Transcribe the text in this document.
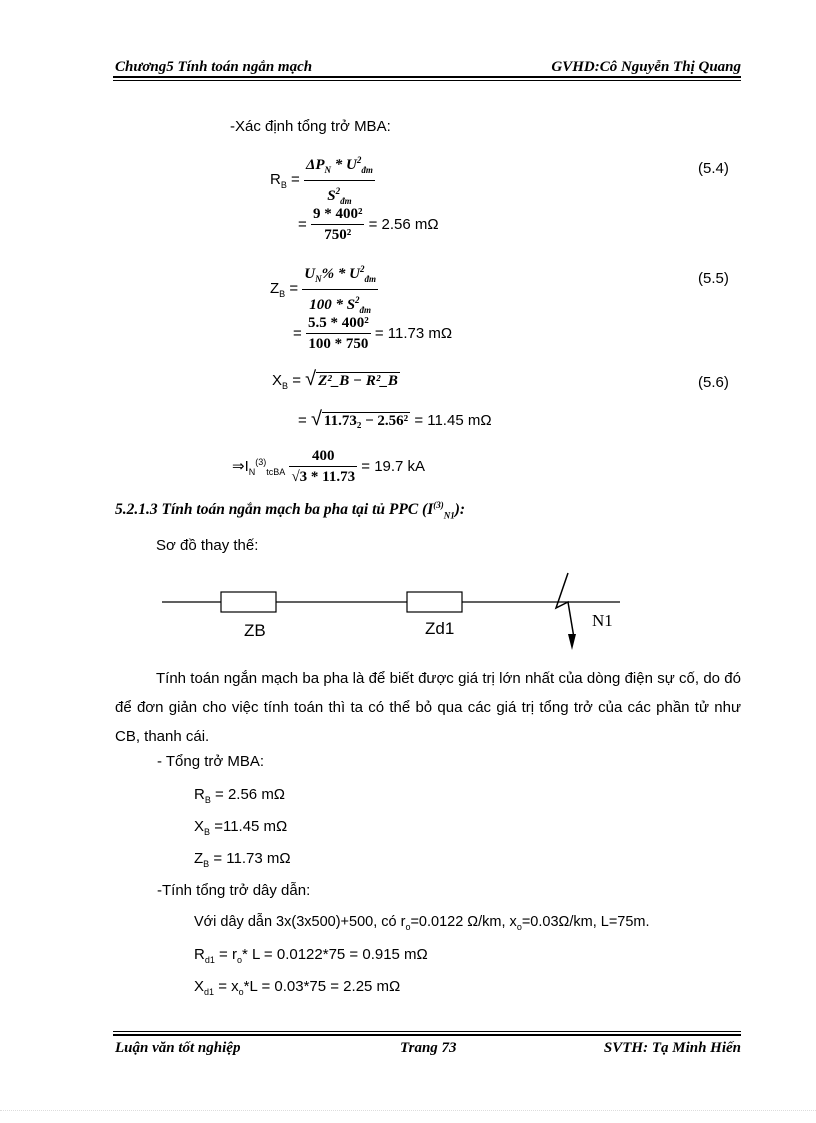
Chương5 Tính toán ngắn mạch	GVHD:Cô Nguyễn Thị Quang
-Xác định tổng trở MBA:
$R_B = \frac{\Delta P_N * U^2_{đm}}{S^2_{đm}}$	(5.4)
= $\frac{\text{9 * 400²}}{\text{750²}} = 2.56$ mΩ
$Z_B = \frac{U_N\% * U^2_{đm}}{100 * S^2_{đm}}$	(5.5)
= $\frac{\text{5.5 * 400²}}{100 * 750} = 11.73$ mΩ
$X_B$ = √ Z²_B − R²_B	(5.6)
= √ 11.73₂ − 2.56² = 11.45 mΩ
$\Rightarrow I_N^{(3)}_{tcBA} \frac{400}{√3 * 11.73} = 19.7$ kA
5.2.1.3 Tính toán ngắn mạch ba pha tại tủ PPC $(I^{(3)}_{N1})$:
Sơ đồ thay thế:
ZB	Zd1	N1
Tính toán ngắn mạch ba pha là để biết được giá trị lớn nhất của dòng điện sự cố, do đó để đơn giản cho việc tính toán thì ta có thể bỏ qua các giá trị tổng trở của các phần tử như CB, thanh cái.
- Tổng trở MBA:
$R_B = 2.56$ mΩ
$X_B =11.45$ mΩ
$Z_B = 11.73$ mΩ
-Tính tổng trở dây dẫn:
Với dây dẫn 3x(3x500)+500, có $r_o=0.0122$ Ω/km, $x_o=0.03\Omega/km$, L=75m.
$R_{d1} = r_o*$ L = 0.0122*75 = 0.915 mΩ
$X_{d1} = x_o*L = 0.03*75 = 2.25$ mΩ
Luận văn tốt nghiệp	Trang 73	SVTH: Tạ Minh Hiến
